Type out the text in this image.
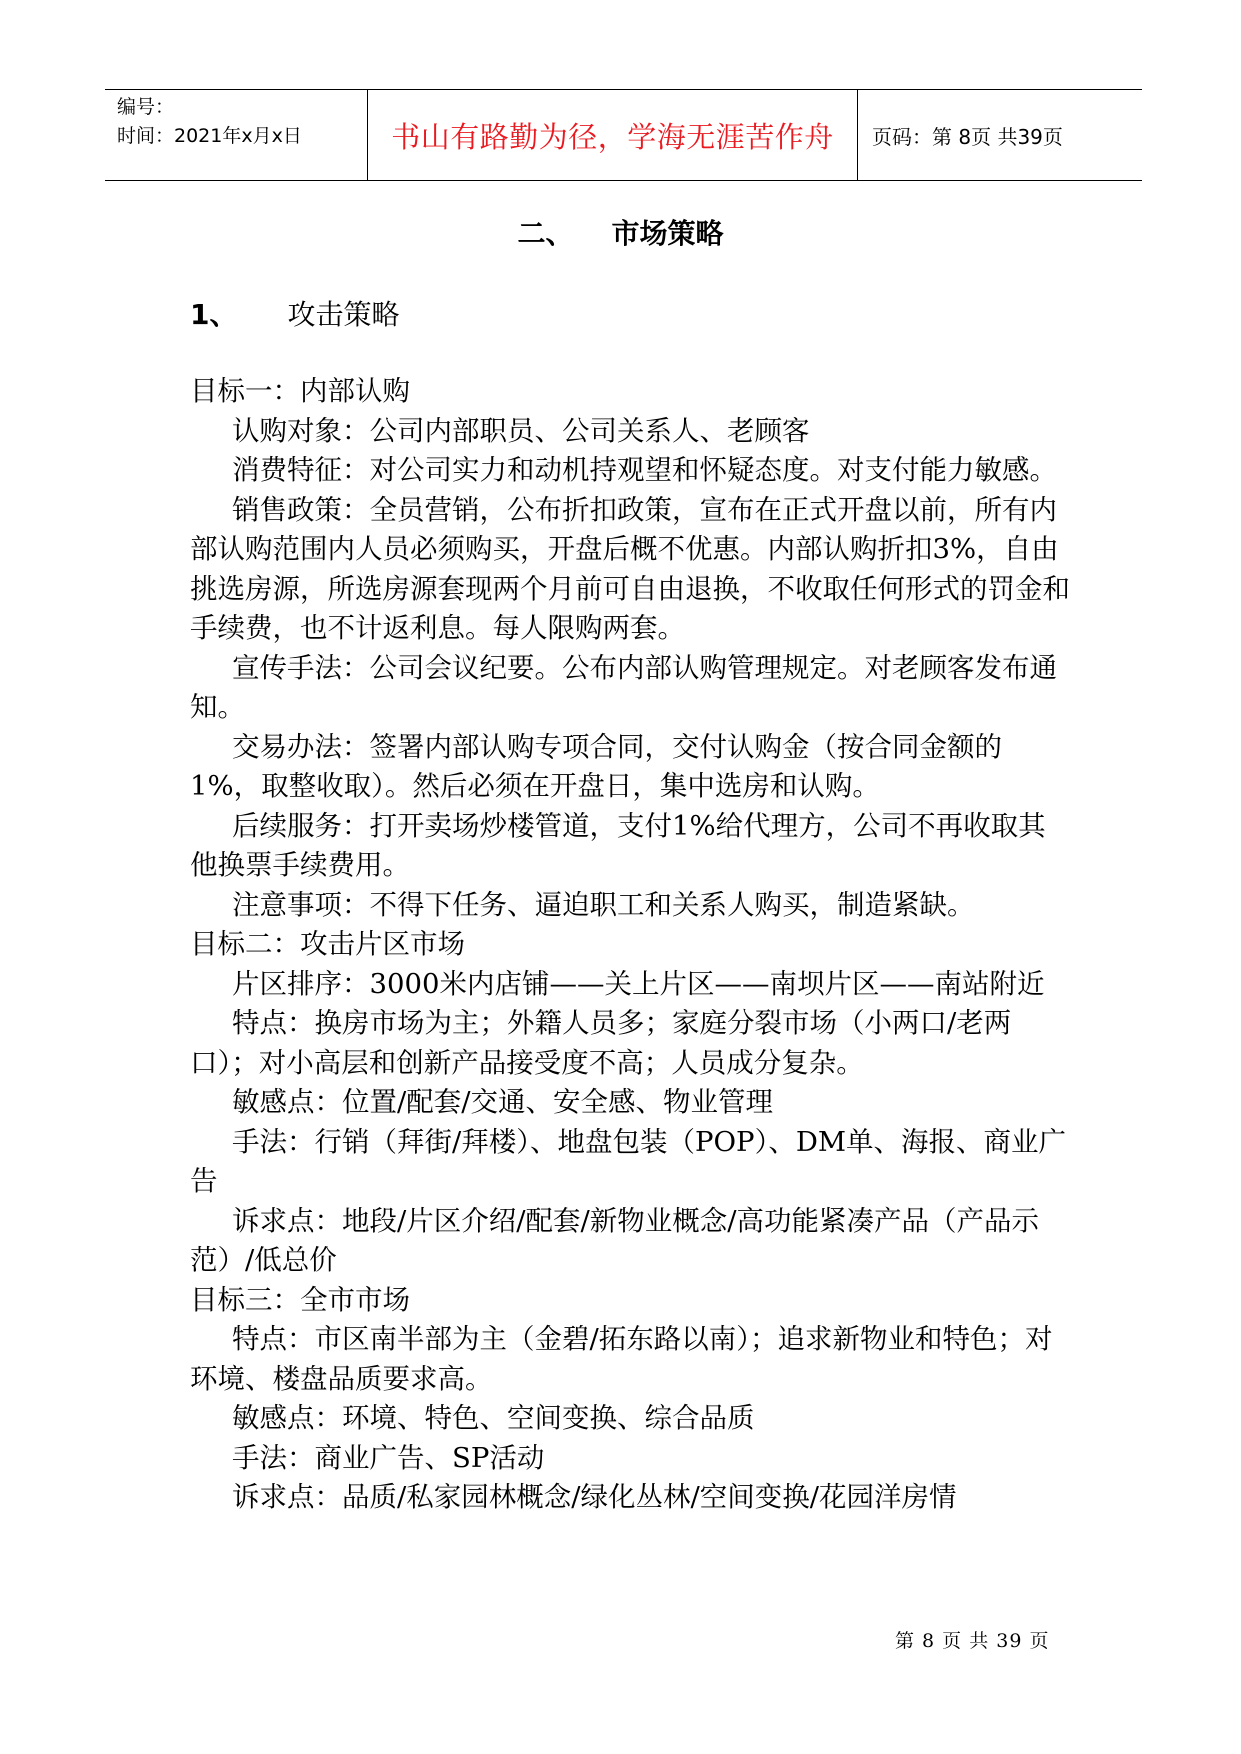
编号：
时间：2021年x月x日	书山有路勤为径，学海无涯苦作舟	页码：第 8页 共39页
二、 市场策略
1、 攻击策略

目标一：内部认购

认购对象：公司内部职员、公司关系人、老顾客

消费特征：对公司实力和动机持观望和怀疑态度。对支付能力敏感。

销售政策：全员营销，公布折扣政策，宣布在正式开盘以前，所有内部认购范围内人员必须购买，开盘后概不优惠。内部认购折扣3%，自由挑选房源，所选房源套现两个月前可自由退换，不收取任何形式的罚金和手续费，也不计返利息。每人限购两套。

宣传手法：公司会议纪要。公布内部认购管理规定。对老顾客发布通知。

交易办法：签署内部认购专项合同，交付认购金（按合同金额的1%，取整收取）。然后必须在开盘日，集中选房和认购。

后续服务：打开卖场炒楼管道，支付1%给代理方，公司不再收取其他换票手续费用。

注意事项：不得下任务、逼迫职工和关系人购买，制造紧缺。

目标二：攻击片区市场

片区排序：3000米内店铺——关上片区——南坝片区——南站附近

特点：换房市场为主；外籍人员多；家庭分裂市场（小两口/老两口）；对小高层和创新产品接受度不高；人员成分复杂。

敏感点：位置/配套/交通、安全感、物业管理

手法：行销（拜街/拜楼）、地盘包装（POP）、DM单、海报、商业广告

诉求点：地段/片区介绍/配套/新物业概念/高功能紧凑产品（产品示范）/低总价

目标三：全市市场

特点：市区南半部为主（金碧/拓东路以南）；追求新物业和特色；对环境、楼盘品质要求高。

敏感点：环境、特色、空间变换、综合品质

手法：商业广告、SP活动

诉求点：品质/私家园林概念/绿化丛林/空间变换/花园洋房情

第 8 页 共 39 页
